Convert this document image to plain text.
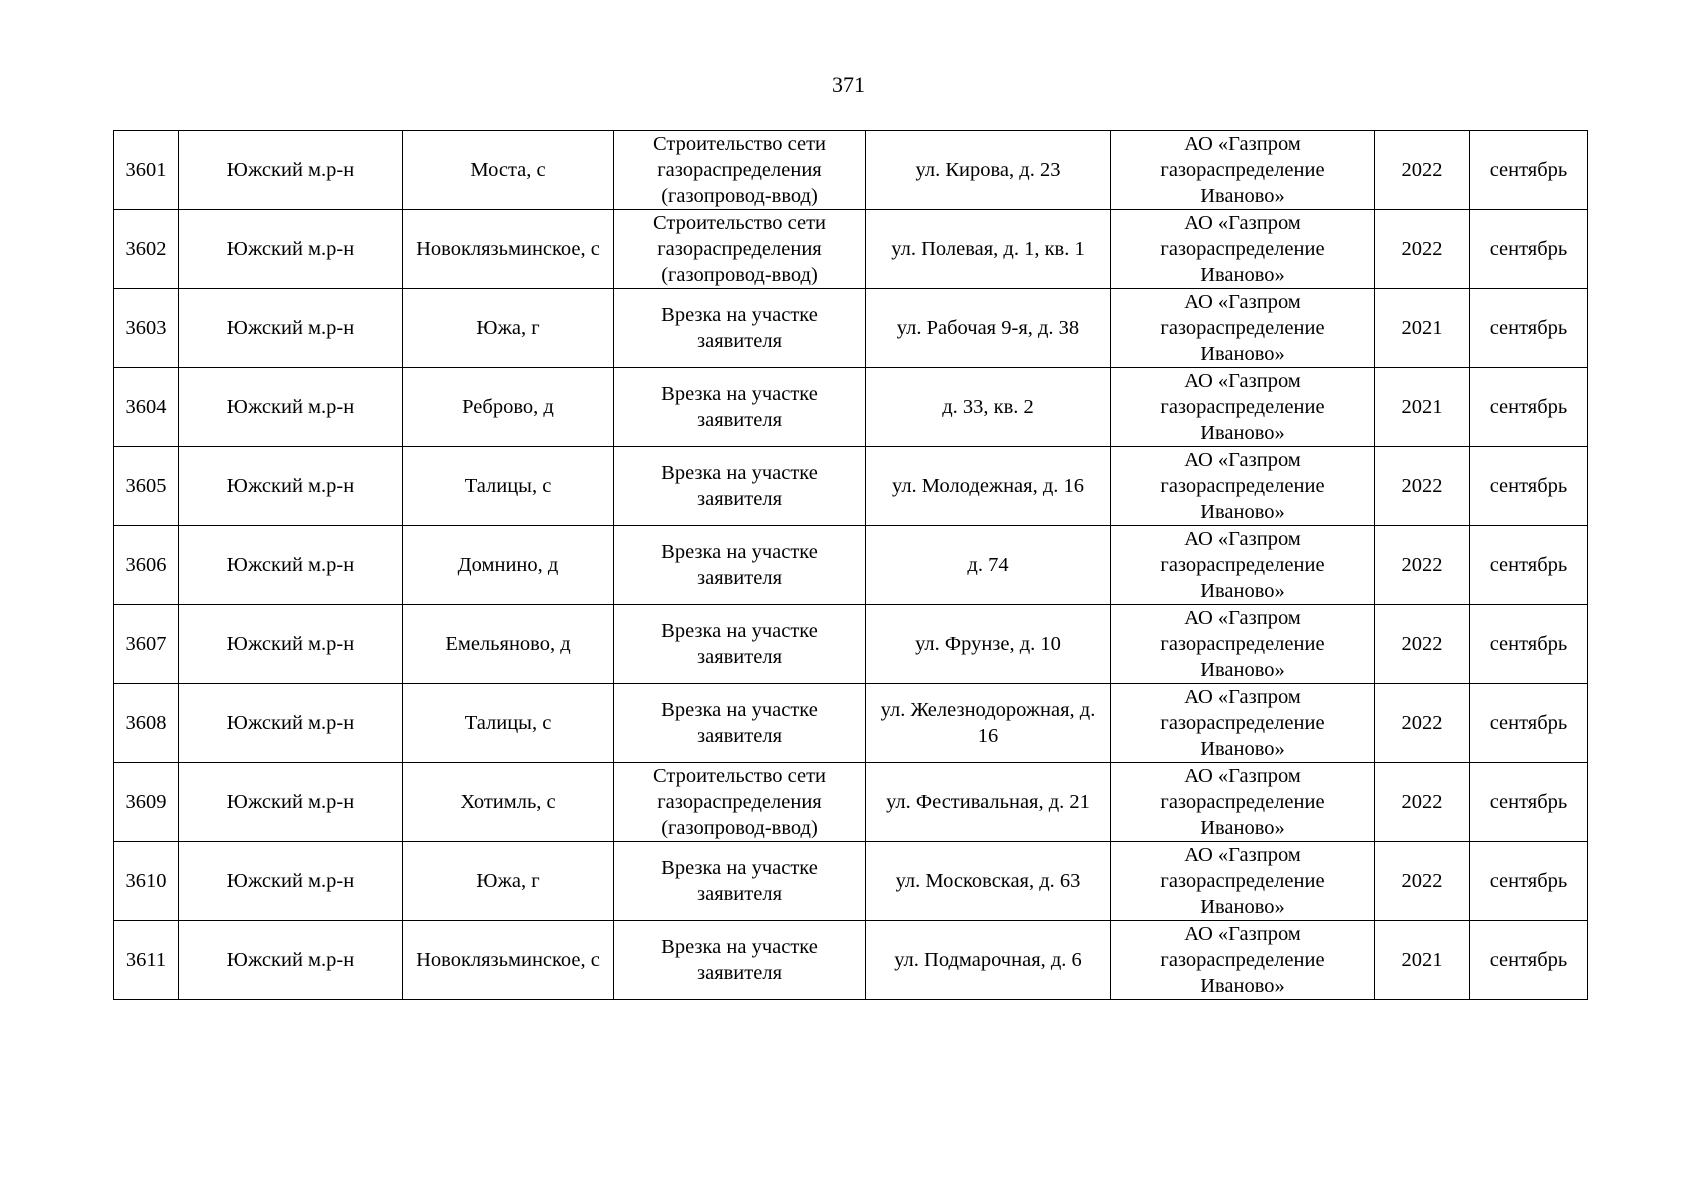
371
3601	Южский м.р-н	Моста, с	Строительство сети газораспределения (газопровод-ввод)	ул. Кирова, д. 23	АО «Газпром газораспределение Иваново»	2022	сентябрь
3602	Южский м.р-н	Новоклязьминское, с	Строительство сети газораспределения (газопровод-ввод)	ул. Полевая, д. 1, кв. 1	АО «Газпром газораспределение Иваново»	2022	сентябрь
3603	Южский м.р-н	Южа, г	Врезка на участке заявителя	ул. Рабочая 9-я, д. 38	АО «Газпром газораспределение Иваново»	2021	сентябрь
3604	Южский м.р-н	Реброво, д	Врезка на участке заявителя	д. 33, кв. 2	АО «Газпром газораспределение Иваново»	2021	сентябрь
3605	Южский м.р-н	Талицы, с	Врезка на участке заявителя	ул. Молодежная, д. 16	АО «Газпром газораспределение Иваново»	2022	сентябрь
3606	Южский м.р-н	Домнино, д	Врезка на участке заявителя	д. 74	АО «Газпром газораспределение Иваново»	2022	сентябрь
3607	Южский м.р-н	Емельяново, д	Врезка на участке заявителя	ул. Фрунзе, д. 10	АО «Газпром газораспределение Иваново»	2022	сентябрь
3608	Южский м.р-н	Талицы, с	Врезка на участке заявителя	ул. Железнодорожная, д. 16	АО «Газпром газораспределение Иваново»	2022	сентябрь
3609	Южский м.р-н	Хотимль, с	Строительство сети газораспределения (газопровод-ввод)	ул. Фестивальная, д. 21	АО «Газпром газораспределение Иваново»	2022	сентябрь
3610	Южский м.р-н	Южа, г	Врезка на участке заявителя	ул. Московская, д. 63	АО «Газпром газораспределение Иваново»	2022	сентябрь
3611	Южский м.р-н	Новоклязьминское, с	Врезка на участке заявителя	ул. Подмарочная, д. 6	АО «Газпром газораспределение Иваново»	2021	сентябрь
